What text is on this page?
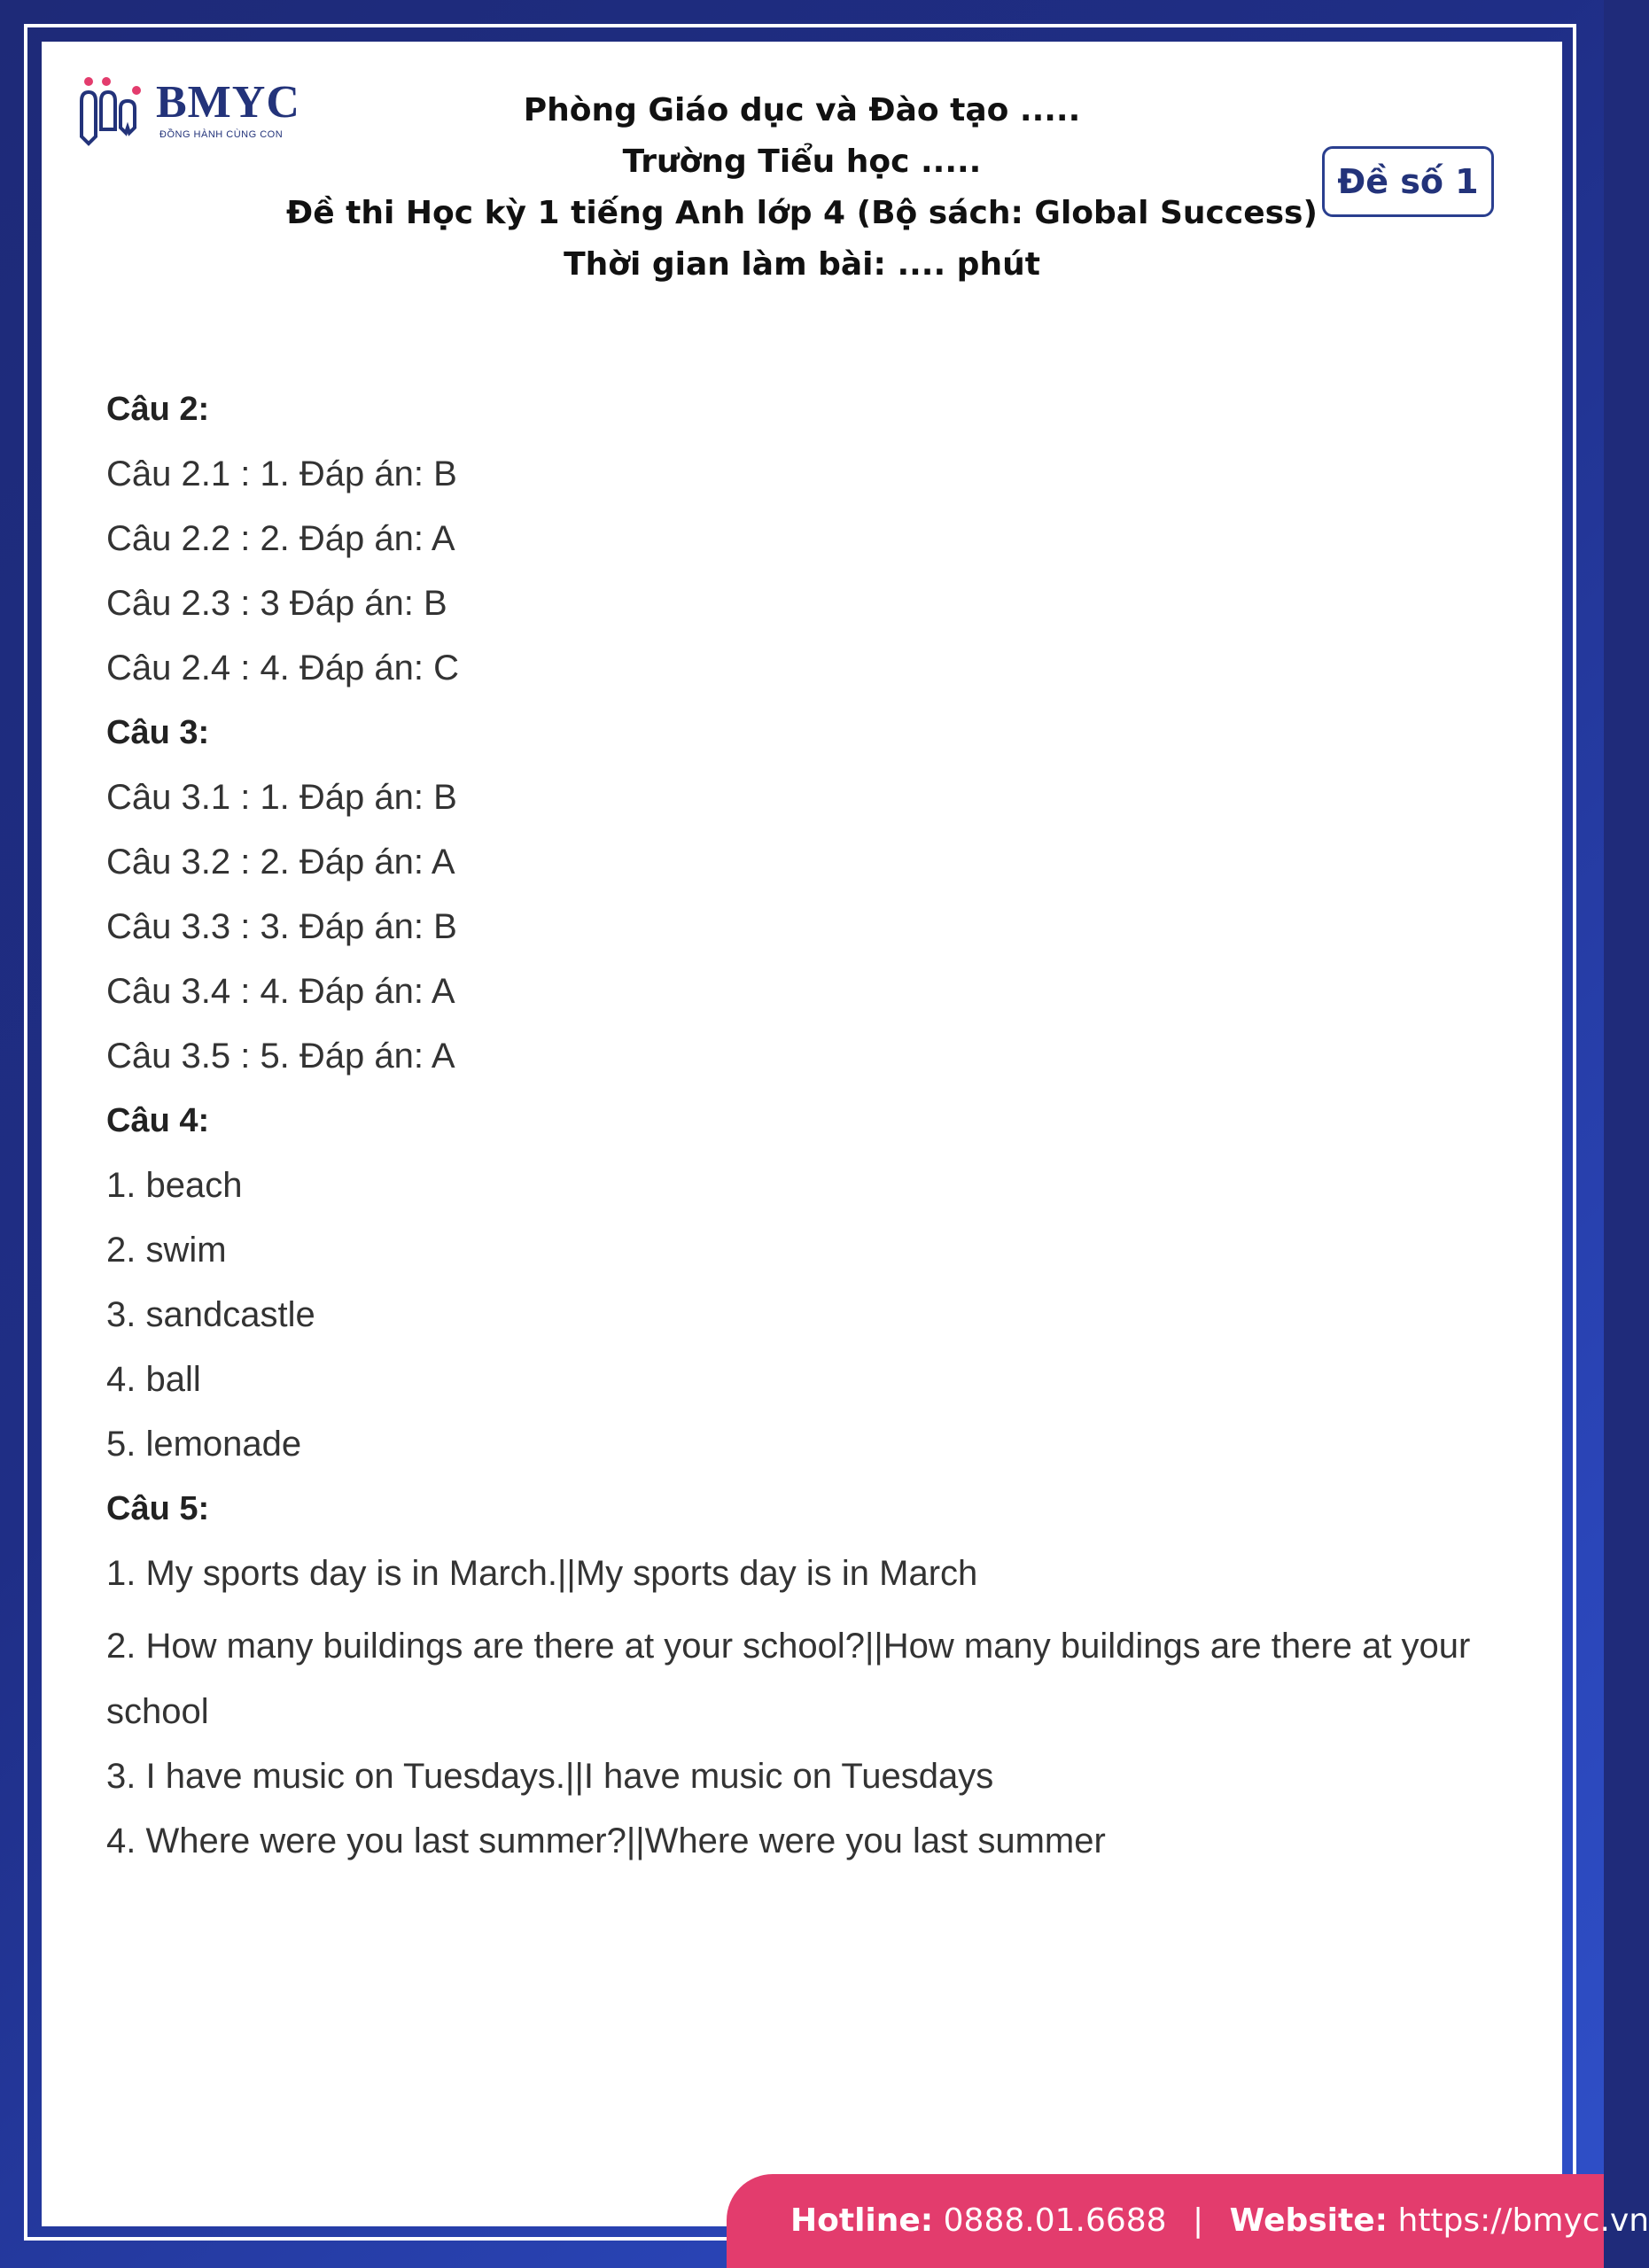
BMYC
ĐỒNG HÀNH CÙNG CON
Phòng Giáo dục và Đào tạo .....
Trường Tiểu học .....
Đề thi Học kỳ 1 tiếng Anh lớp 4 (Bộ sách: Global Success)
Thời gian làm bài: .... phút
Đề số 1
Câu 2:
Câu 2.1 : 1. Đáp án: B
Câu 2.2 : 2. Đáp án: A
Câu 2.3 : 3 Đáp án: B
Câu 2.4 : 4. Đáp án: C
Câu 3:
Câu 3.1 : 1. Đáp án: B
Câu 3.2 : 2. Đáp án: A
Câu 3.3 : 3. Đáp án: B
Câu 3.4 : 4. Đáp án: A
Câu 3.5 : 5. Đáp án: A
Câu 4:
1. beach
2. swim
3. sandcastle
4. ball
5. lemonade
Câu 5:
1. My sports day is in March.||My sports day is in March
2. How many buildings are there at your school?||How many buildings are there at your school
3. I have music on Tuesdays.||I have music on Tuesdays
4. Where were you last summer?||Where were you last summer
Hotline: 0888.01.6688 | Website: https://bmyc.vn
